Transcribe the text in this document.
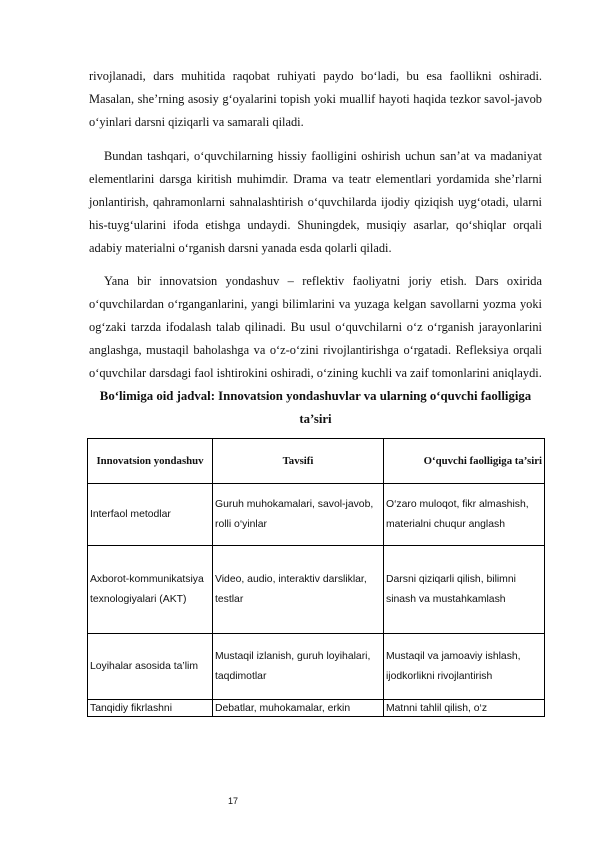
rivojlanadi, dars muhitida raqobat ruhiyati paydo bo‘ladi, bu esa faollikni oshiradi. Masalan, she’rning asosiy g‘oyalarini topish yoki muallif hayoti haqida tezkor savol-javob o‘yinlari darsni qiziqarli va samarali qiladi.

Bundan tashqari, o‘quvchilarning hissiy faolligini oshirish uchun san’at va madaniyat elementlarini darsga kiritish muhimdir. Drama va teatr elementlari yordamida she’rlarni jonlantirish, qahramonlarni sahnalashtirish o‘quvchilarda ijodiy qiziqish uyg‘otadi, ularni his-tuyg‘ularini ifoda etishga undaydi. Shuningdek, musiqiy asarlar, qo‘shiqlar orqali adabiy materialni o‘rganish darsni yanada esda qolarli qiladi.

Yana bir innovatsion yondashuv – reflektiv faoliyatni joriy etish. Dars oxirida o‘quvchilardan o‘rganganlarini, yangi bilimlarini va yuzaga kelgan savollarni yozma yoki og‘zaki tarzda ifodalash talab qilinadi. Bu usul o‘quvchilarni o‘z o‘rganish jarayonlarini anglashga, mustaqil baholashga va o‘z-o‘zini rivojlantirishga o‘rgatadi. Refleksiya orqali o‘quvchilar darsdagi faol ishtirokini oshiradi, o‘zining kuchli va zaif tomonlarini aniqlaydi.

Bo‘limiga oid jadval: Innovatsion yondashuvlar va ularning o‘quvchi faolligiga ta’siri

Innovatsion yondashuv	Tavsifi	O‘quvchi faolligiga ta’siri
Interfaol metodlar	Guruh muhokamalari, savol-javob, rolli o‘yinlar	O‘zaro muloqot, fikr almashish, materialni chuqur anglash
Axborot-kommunikatsiya texnologiyalari (AKT)	Video, audio, interaktiv darsliklar, testlar	Darsni qiziqarli qilish, bilimni sinash va mustahkamlash
Loyihalar asosida ta’lim	Mustaqil izlanish, guruh loyihalari, taqdimotlar	Mustaqil va jamoaviy ishlash, ijodkorlikni rivojlantirish
Tanqidiy fikrlashni	Debatlar, muhokamalar, erkin	Matnni tahlil qilish, o‘z
17
